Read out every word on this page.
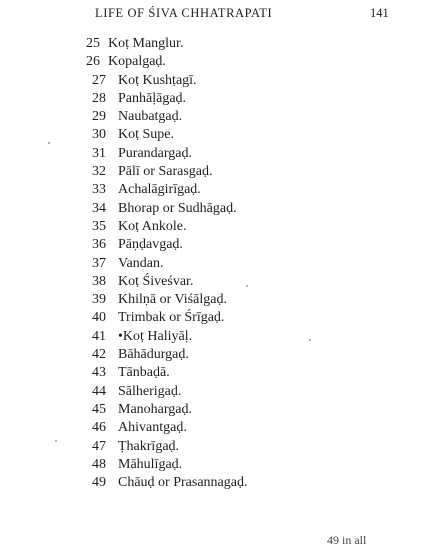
LIFE OF ŚIVA CHHATRAPATI	141
25 Koṭ Manglur.
26 Kopalgaḍ.
27 Koṭ Kushṭagī.
28 Panhāḷāgaḍ.
29 Naubatgaḍ.
30 Koṭ Supe.
31 Purandargaḍ.
32 Pālī or Sarasgaḍ.
33 Achalāgirīgaḍ.
34 Bhorap or Sudhāgaḍ.
35 Koṭ Ankole.
36 Pāṇḍavgaḍ.
37 Vandan.
38 Koṭ Śiveśvar.
39 Khilṇā or Viśālgaḍ.
40 Trimbak or Śrīgaḍ.
41 •Koṭ Haliyāḷ.
42 Bāhādurgaḍ.
43 Tānbaḍā.
44 Sālherigaḍ.
45 Manohargaḍ.
46 Ahivantgaḍ.
47 Ṭhakrīgaḍ.
48 Māhulīgaḍ.
49 Chāuḍ or Prasannagaḍ.
49 in all
